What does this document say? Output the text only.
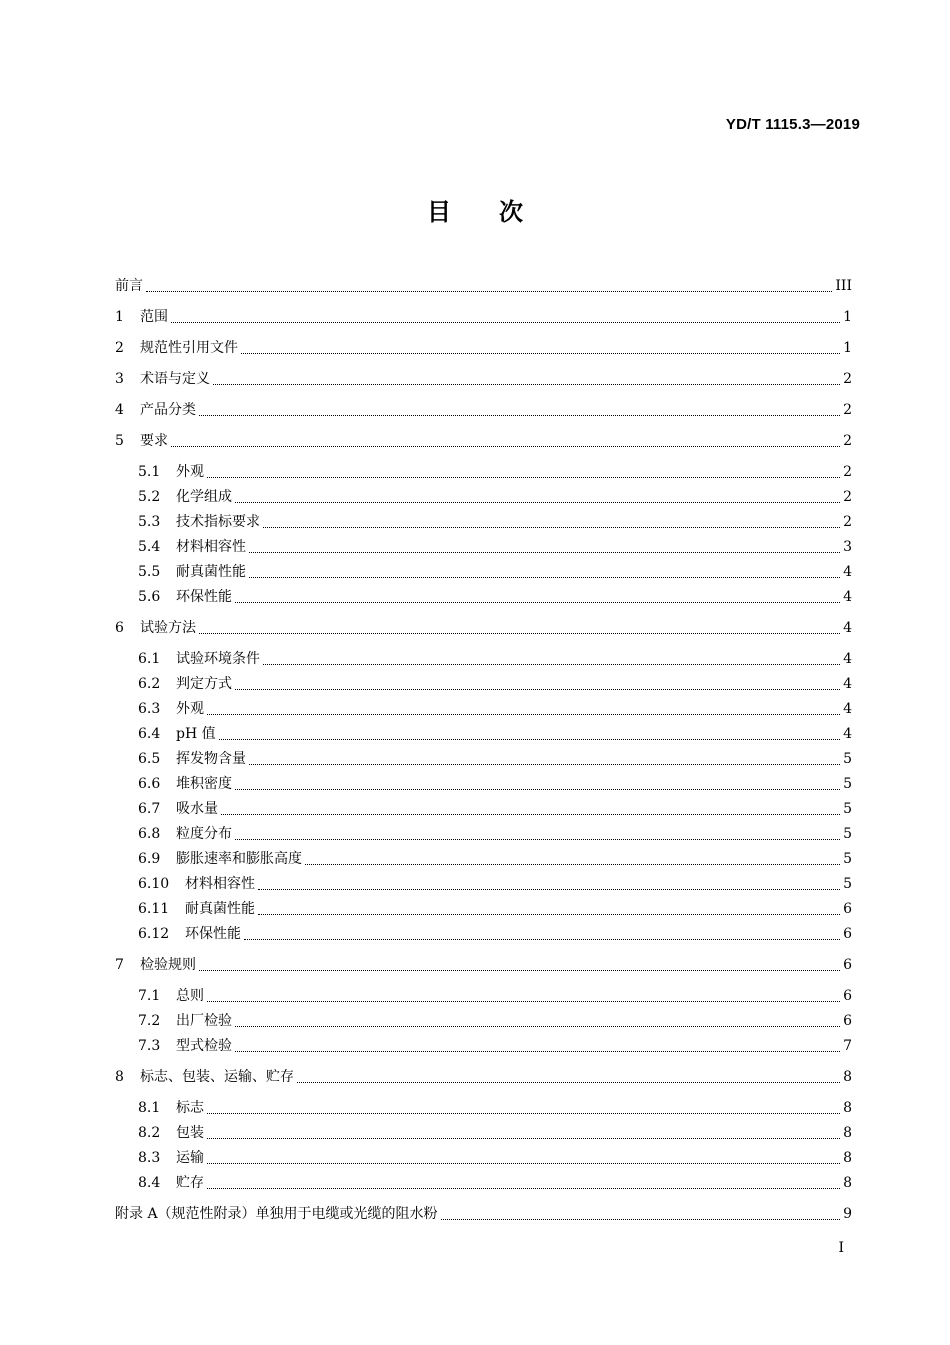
YD/T 1115.3—2019
目次
前言	III
1	范围	1
2	规范性引用文件	1
3	术语与定义	2
4	产品分类	2
5	要求	2
5.1	外观	2
5.2	化学组成	2
5.3	技术指标要求	2
5.4	材料相容性	3
5.5	耐真菌性能	4
5.6	环保性能	4
6	试验方法	4
6.1	试验环境条件	4
6.2	判定方式	4
6.3	外观	4
6.4	pH 值	4
6.5	挥发物含量	5
6.6	堆积密度	5
6.7	吸水量	5
6.8	粒度分布	5
6.9	膨胀速率和膨胀高度	5
6.10	材料相容性	5
6.11	耐真菌性能	6
6.12	环保性能	6
7	检验规则	6
7.1	总则	6
7.2	出厂检验	6
7.3	型式检验	7
8	标志、包装、运输、贮存	8
8.1	标志	8
8.2	包装	8
8.3	运输	8
8.4	贮存	8
附录 A（规范性附录）单独用于电缆或光缆的阻水粉	9
I
